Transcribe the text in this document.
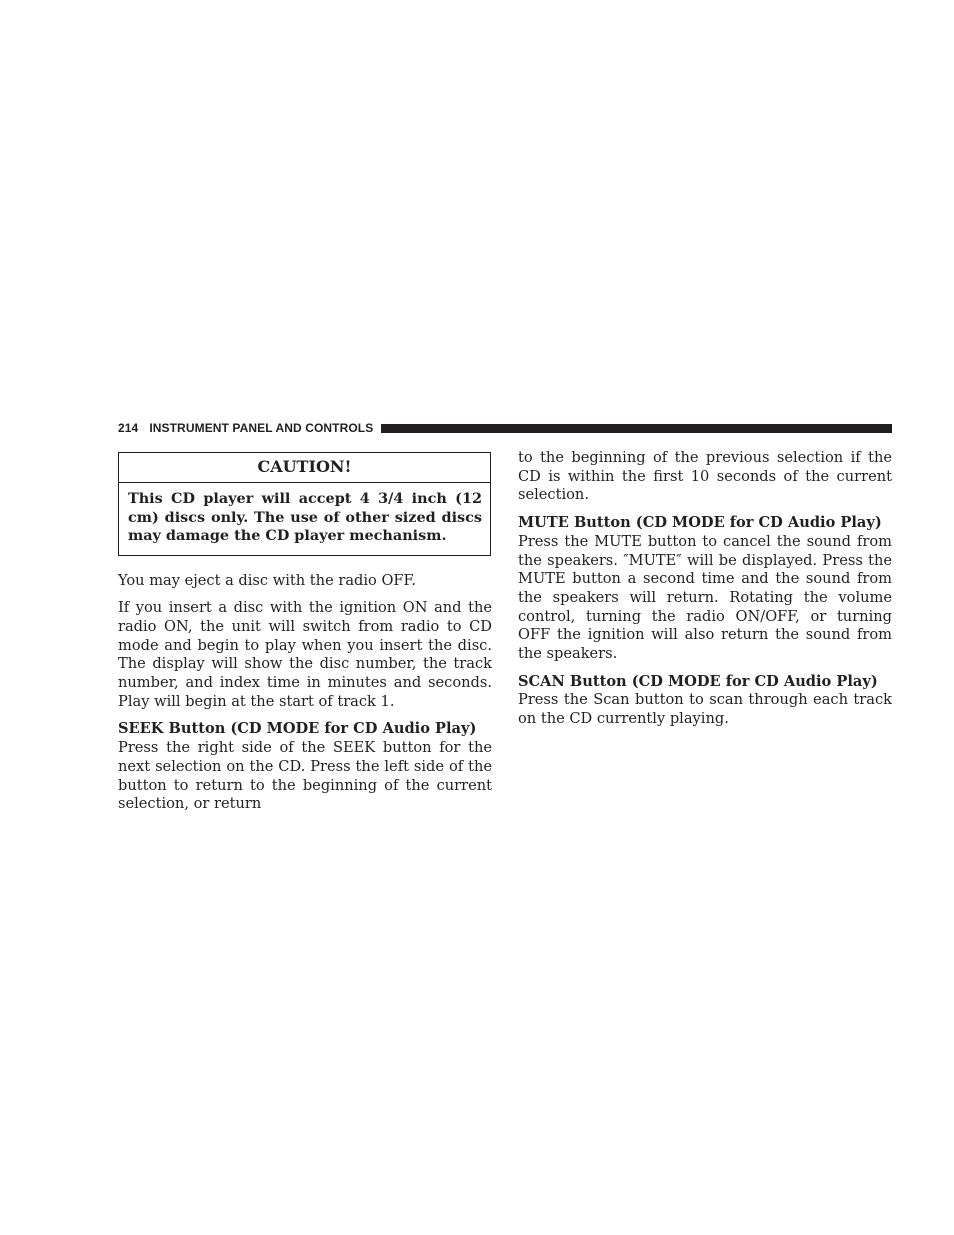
214 INSTRUMENT PANEL AND CONTROLS
CAUTION!
This CD player will accept 4 3/4 inch (12 cm) discs only. The use of other sized discs may damage the CD player mechanism.

You may eject a disc with the radio OFF.

If you insert a disc with the ignition ON and the radio ON, the unit will switch from radio to CD mode and begin to play when you insert the disc. The display will show the disc number, the track number, and index time in minutes and seconds. Play will begin at the start of track 1.

SEEK Button (CD MODE for CD Audio Play)
Press the right side of the SEEK button for the next selection on the CD. Press the left side of the button to return to the beginning of the current selection, or return

to the beginning of the previous selection if the CD is within the first 10 seconds of the current selection.

MUTE Button (CD MODE for CD Audio Play)
Press the MUTE button to cancel the sound from the speakers. ″MUTE″ will be displayed. Press the MUTE button a second time and the sound from the speakers will return. Rotating the volume control, turning the radio ON/OFF, or turning OFF the ignition will also return the sound from the speakers.
SCAN Button (CD MODE for CD Audio Play)
Press the Scan button to scan through each track on the CD currently playing.
